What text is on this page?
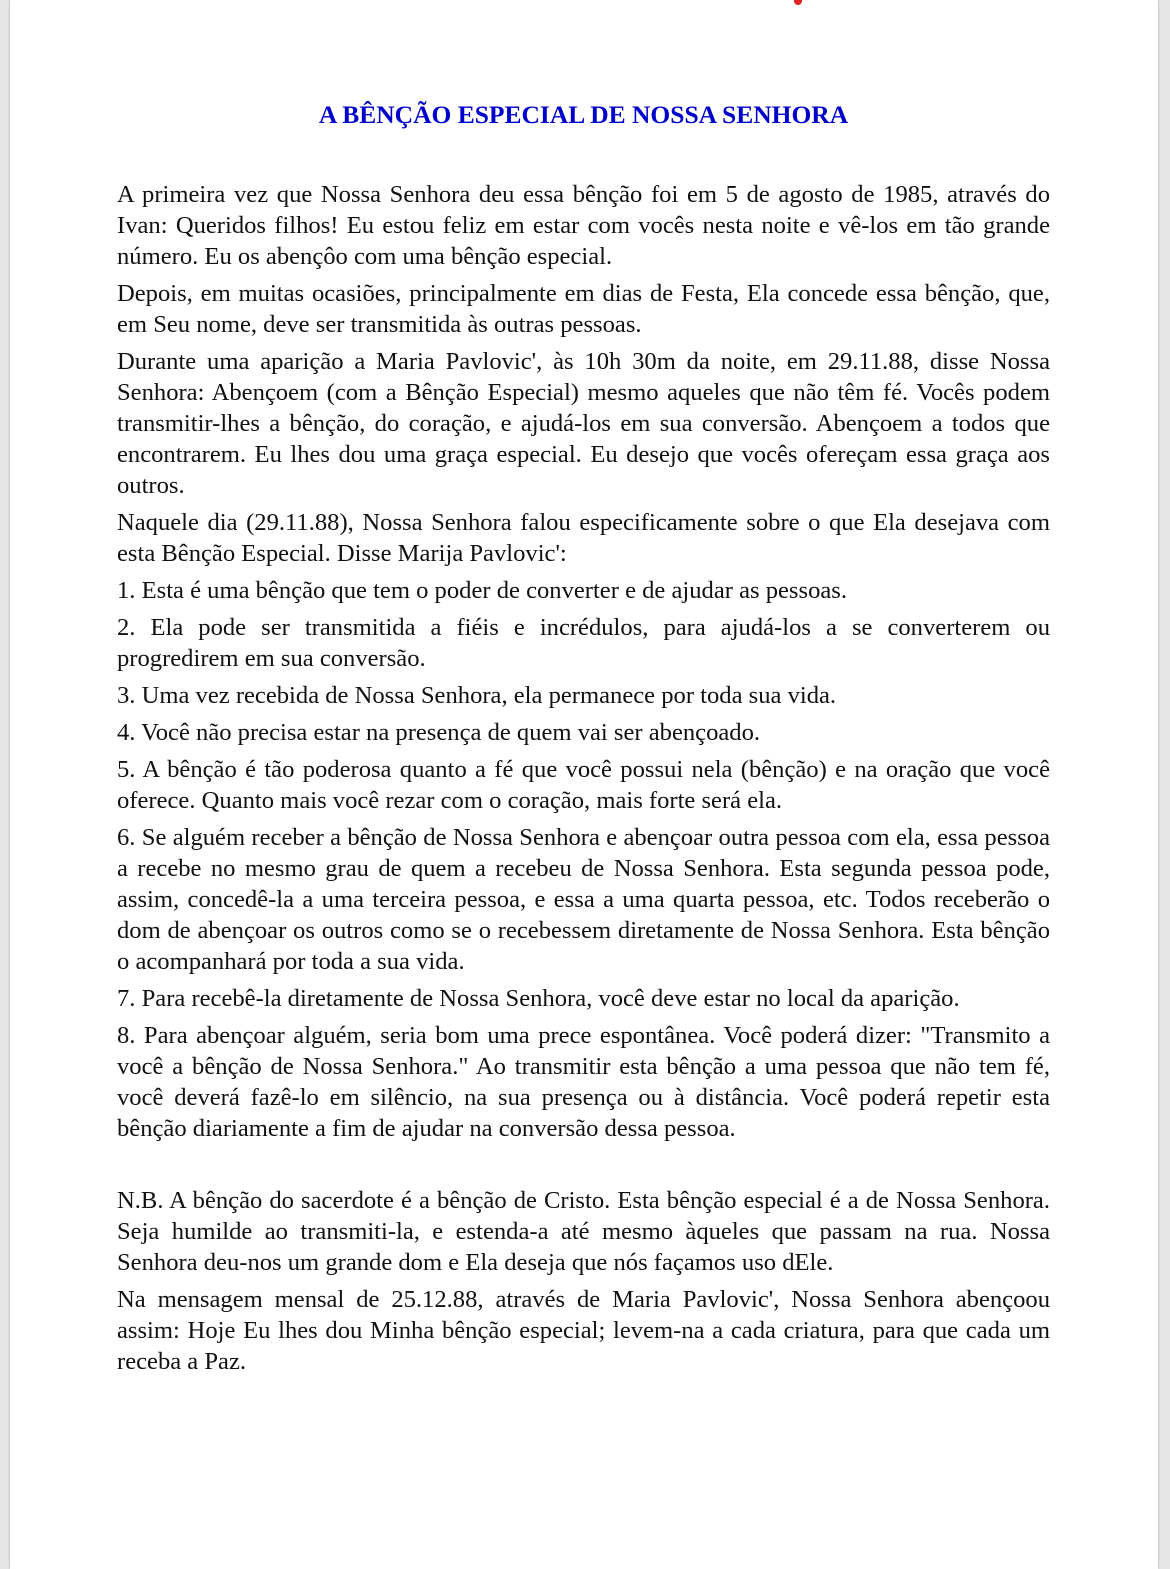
A BÊNÇÃO ESPECIAL DE NOSSA SENHORA

A primeira vez que Nossa Senhora deu essa bênção foi em 5 de agosto de 1985, através do Ivan: Queridos filhos! Eu estou feliz em estar com vocês nesta noite e vê-los em tão grande número. Eu os abençôo com uma bênção especial.

Depois, em muitas ocasiões, principalmente em dias de Festa, Ela concede essa bênção, que, em Seu nome, deve ser transmitida às outras pessoas.

Durante uma aparição a Maria Pavlovic', às 10h 30m da noite, em 29.11.88, disse Nossa Senhora: Abençoem (com a Bênção Especial) mesmo aqueles que não têm fé. Vocês podem transmitir-lhes a bênção, do coração, e ajudá-los em sua conversão. Abençoem a todos que encontrarem. Eu lhes dou uma graça especial. Eu desejo que vocês ofereçam essa graça aos outros.

Naquele dia (29.11.88), Nossa Senhora falou especificamente sobre o que Ela desejava com esta Bênção Especial. Disse Marija Pavlovic':

1. Esta é uma bênção que tem o poder de converter e de ajudar as pessoas.

2. Ela pode ser transmitida a fiéis e incrédulos, para ajudá-los a se converterem ou progredirem em sua conversão.

3. Uma vez recebida de Nossa Senhora, ela permanece por toda sua vida.

4. Você não precisa estar na presença de quem vai ser abençoado.

5. A bênção é tão poderosa quanto a fé que você possui nela (bênção) e na oração que você oferece. Quanto mais você rezar com o coração, mais forte será ela.

6. Se alguém receber a bênção de Nossa Senhora e abençoar outra pessoa com ela, essa pessoa a recebe no mesmo grau de quem a recebeu de Nossa Senhora. Esta segunda pessoa pode, assim, concedê-la a uma terceira pessoa, e essa a uma quarta pessoa, etc. Todos receberão o dom de abençoar os outros como se o recebessem diretamente de Nossa Senhora. Esta bênção o acompanhará por toda a sua vida.

7. Para recebê-la diretamente de Nossa Senhora, você deve estar no local da aparição.

8. Para abençoar alguém, seria bom uma prece espontânea. Você poderá dizer: "Transmito a você a bênção de Nossa Senhora." Ao transmitir esta bênção a uma pessoa que não tem fé, você deverá fazê-lo em silêncio, na sua presença ou à distância. Você poderá repetir esta bênção diariamente a fim de ajudar na conversão dessa pessoa.

N.B. A bênção do sacerdote é a bênção de Cristo. Esta bênção especial é a de Nossa Senhora. Seja humilde ao transmiti-la, e estenda-a até mesmo àqueles que passam na rua. Nossa Senhora deu-nos um grande dom e Ela deseja que nós façamos uso dEle.

Na mensagem mensal de 25.12.88, através de Maria Pavlovic', Nossa Senhora abençoou assim: Hoje Eu lhes dou Minha bênção especial; levem-na a cada criatura, para que cada um receba a Paz.
